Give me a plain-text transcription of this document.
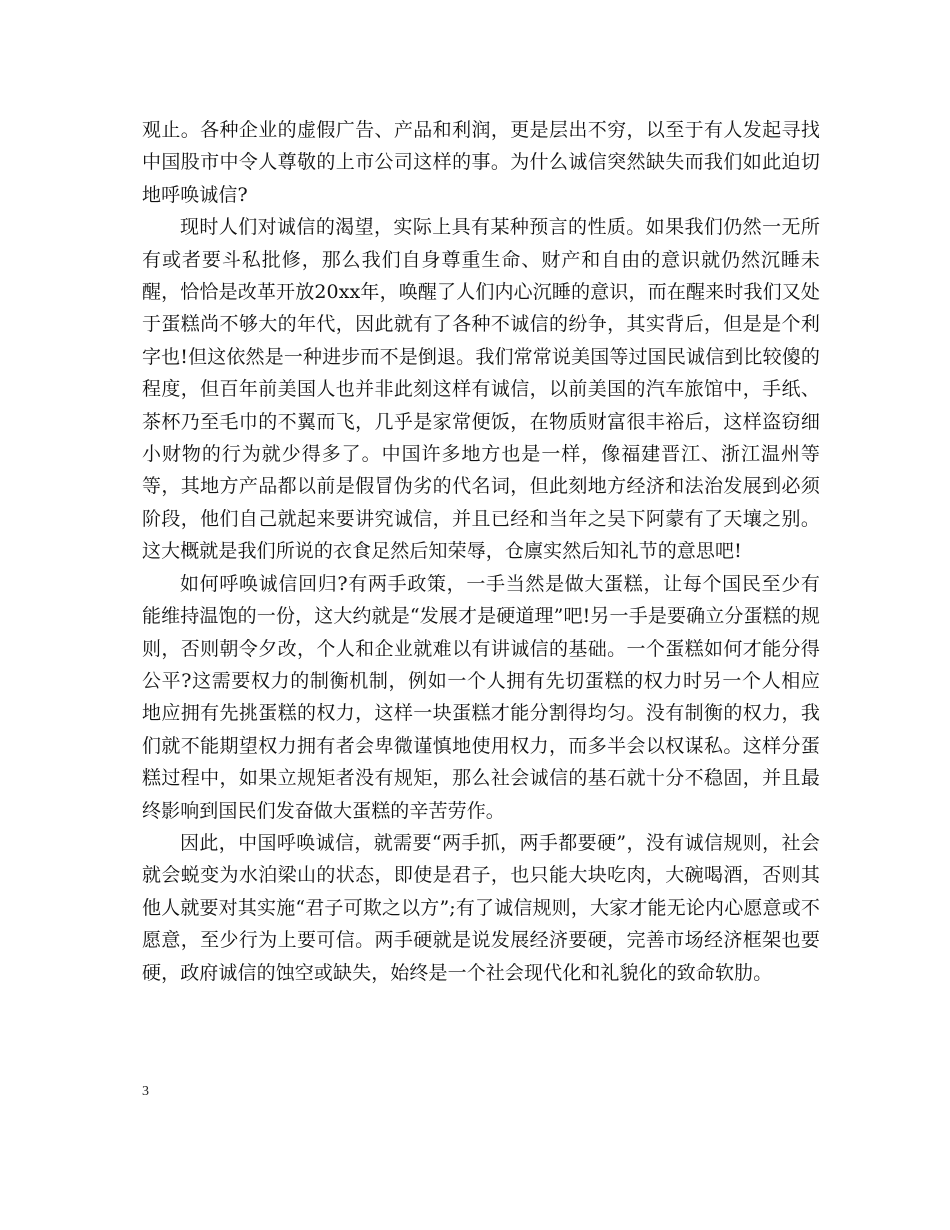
观止。各种企业的虚假广告、产品和利润，更是层出不穷，以至于有人发起寻找中国股市中令人尊敬的上市公司这样的事。为什么诚信突然缺失而我们如此迫切地呼唤诚信?

现时人们对诚信的渴望，实际上具有某种预言的性质。如果我们仍然一无所有或者要斗私批修，那么我们自身尊重生命、财产和自由的意识就仍然沉睡未醒，恰恰是改革开放20xx年，唤醒了人们内心沉睡的意识，而在醒来时我们又处于蛋糕尚不够大的年代，因此就有了各种不诚信的纷争，其实背后，但是是个利字也!但这依然是一种进步而不是倒退。我们常常说美国等过国民诚信到比较傻的程度，但百年前美国人也并非此刻这样有诚信，以前美国的汽车旅馆中，手纸、茶杯乃至毛巾的不翼而飞，几乎是家常便饭，在物质财富很丰裕后，这样盗窃细小财物的行为就少得多了。中国许多地方也是一样，像福建晋江、浙江温州等等，其地方产品都以前是假冒伪劣的代名词，但此刻地方经济和法治发展到必须阶段，他们自己就起来要讲究诚信，并且已经和当年之吴下阿蒙有了天壤之别。这大概就是我们所说的衣食足然后知荣辱，仓廪实然后知礼节的意思吧!

如何呼唤诚信回归?有两手政策，一手当然是做大蛋糕，让每个国民至少有能维持温饱的一份，这大约就是“发展才是硬道理”吧!另一手是要确立分蛋糕的规则，否则朝令夕改，个人和企业就难以有讲诚信的基础。一个蛋糕如何才能分得公平?这需要权力的制衡机制，例如一个人拥有先切蛋糕的权力时另一个人相应地应拥有先挑蛋糕的权力，这样一块蛋糕才能分割得均匀。没有制衡的权力，我们就不能期望权力拥有者会卑微谨慎地使用权力，而多半会以权谋私。这样分蛋糕过程中，如果立规矩者没有规矩，那么社会诚信的基石就十分不稳固，并且最终影响到国民们发奋做大蛋糕的辛苦劳作。

因此，中国呼唤诚信，就需要“两手抓，两手都要硬”，没有诚信规则，社会就会蜕变为水泊梁山的状态，即使是君子，也只能大块吃肉，大碗喝酒，否则其他人就要对其实施“君子可欺之以方”;有了诚信规则，大家才能无论内心愿意或不愿意，至少行为上要可信。两手硬就是说发展经济要硬，完善市场经济框架也要硬，政府诚信的蚀空或缺失，始终是一个社会现代化和礼貌化的致命软肋。

3
